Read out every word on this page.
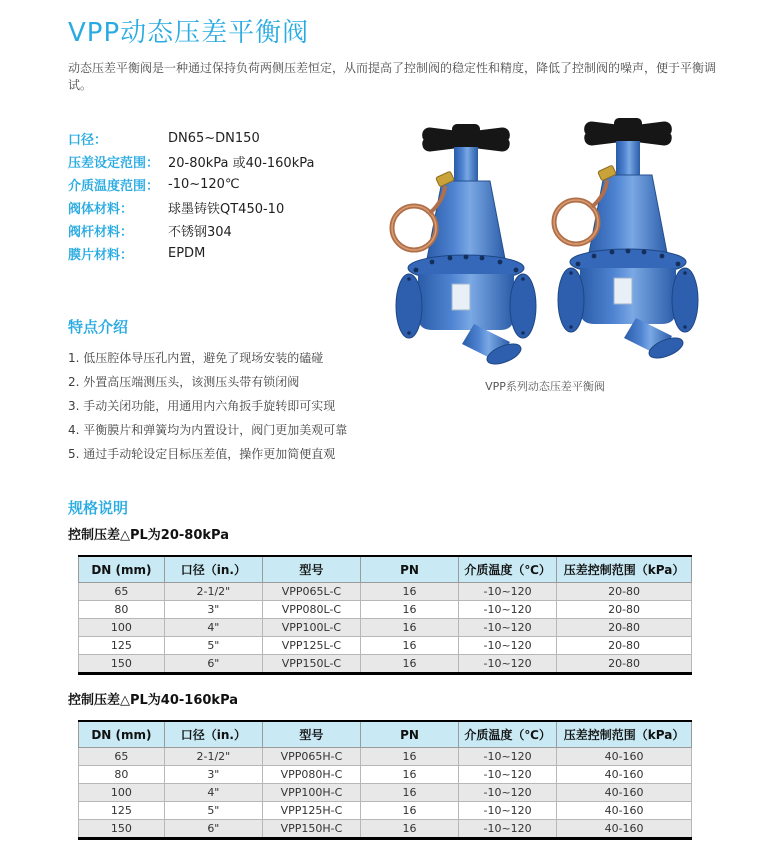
VPP动态压差平衡阀

动态压差平衡阀是一种通过保持负荷两侧压差恒定，从而提高了控制阀的稳定性和精度，降低了控制阀的噪声，便于平衡调试。

口径：	DN65~DN150
压差设定范围： 20-80kPa 或40-160kPa
介质温度范围： -10~120℃
阀体材料：	球墨铸铁QT450-10
阀杆材料：	不锈钢304
膜片材料：	EPDM
特点介绍

1. 低压腔体导压孔内置，避免了现场安装的磕碰

2. 外置高压端测压头，该测压头带有锁闭阀

3. 手动关闭功能，用通用内六角扳手旋转即可实现

4. 平衡膜片和弹簧均为内置设计，阀门更加美观可靠

5. 通过手动轮设定目标压差值，操作更加简便直观

VPP系列动态压差平衡阀
规格说明
控制压差△PL为20-80kPa
DN (mm)	口径（in.）	型号	PN	介质温度（℃）	压差控制范围（kPa）
65	2-1/2"	VPP065L-C	16	-10~120	20-80
80	3"	VPP080L-C	16	-10~120	20-80
100	4"	VPP100L-C	16	-10~120	20-80
125	5"	VPP125L-C	16	-10~120	20-80
150	6"	VPP150L-C	16	-10~120	20-80
控制压差△PL为40-160kPa
DN (mm)	口径（in.）	型号	PN	介质温度（℃）	压差控制范围（kPa）
65	2-1/2"	VPP065H-C	16	-10~120	40-160
80	3"	VPP080H-C	16	-10~120	40-160
100	4"	VPP100H-C	16	-10~120	40-160
125	5"	VPP125H-C	16	-10~120	40-160
150	6"	VPP150H-C	16	-10~120	40-160
